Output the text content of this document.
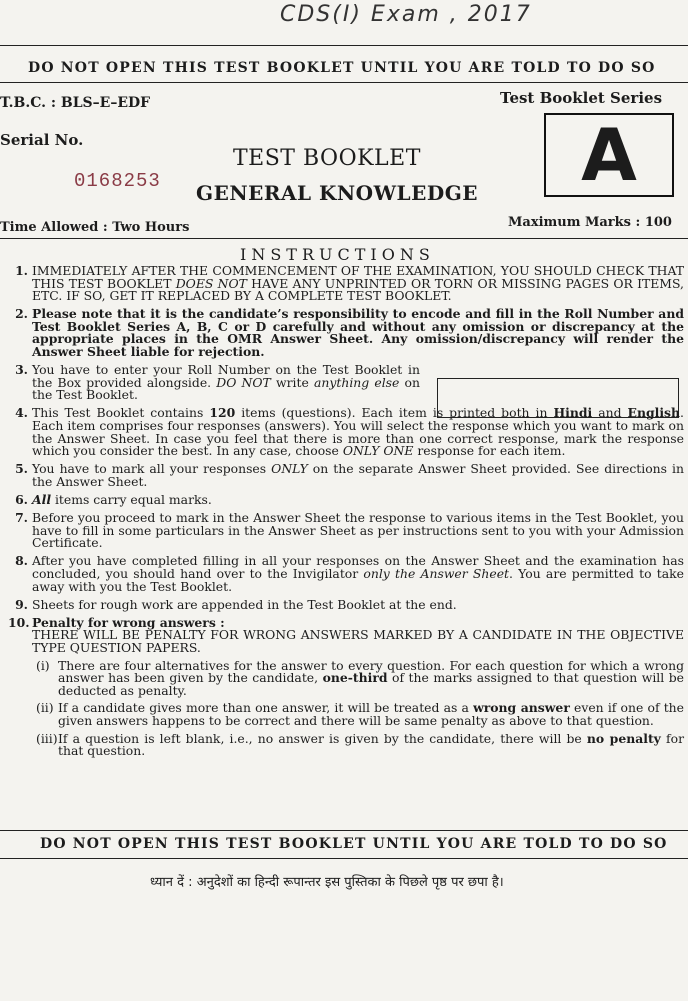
CDS(I) Exam , 2017
DO NOT OPEN THIS TEST BOOKLET UNTIL YOU ARE TOLD TO DO SO
T.B.C. : BLS–E–EDF	Test Booklet Series
Serial No.
0168253	A
TEST BOOKLET
GENERAL KNOWLEDGE
Time Allowed : Two Hours	Maximum Marks : 100
INSTRUCTIONS
1. IMMEDIATELY AFTER THE COMMENCEMENT OF THE EXAMINATION, YOU SHOULD CHECK THAT THIS TEST BOOKLET DOES NOT HAVE ANY UNPRINTED OR TORN OR MISSING PAGES OR ITEMS, ETC. IF SO, GET IT REPLACED BY A COMPLETE TEST BOOKLET.
2. Please note that it is the candidate’s responsibility to encode and fill in the Roll Number and Test Booklet Series A, B, C or D carefully and without any omission or discrepancy at the appropriate places in the OMR Answer Sheet. Any omission/discrepancy will render the Answer Sheet liable for rejection.
3. You have to enter your Roll Number on the Test Booklet in the Box provided alongside. DO NOT write anything else on the Test Booklet.
4. This Test Booklet contains 120 items (questions). Each item is printed both in Hindi and English. Each item comprises four responses (answers). You will select the response which you want to mark on the Answer Sheet. In case you feel that there is more than one correct response, mark the response which you consider the best. In any case, choose ONLY ONE response for each item.
5. You have to mark all your responses ONLY on the separate Answer Sheet provided. See directions in the Answer Sheet.
6. All items carry equal marks.
7. Before you proceed to mark in the Answer Sheet the response to various items in the Test Booklet, you have to fill in some particulars in the Answer Sheet as per instructions sent to you with your Admission Certificate.
8. After you have completed filling in all your responses on the Answer Sheet and the examination has concluded, you should hand over to the Invigilator only the Answer Sheet. You are permitted to take away with you the Test Booklet.
9. Sheets for rough work are appended in the Test Booklet at the end.
10. Penalty for wrong answers :
THERE WILL BE PENALTY FOR WRONG ANSWERS MARKED BY A CANDIDATE IN THE OBJECTIVE TYPE QUESTION PAPERS.
(i) There are four alternatives for the answer to every question. For each question for which a wrong answer has been given by the candidate, one-third of the marks assigned to that question will be deducted as penalty.
(ii) If a candidate gives more than one answer, it will be treated as a wrong answer even if one of the given answers happens to be correct and there will be same penalty as above to that question.
(iii) If a question is left blank, i.e., no answer is given by the candidate, there will be no penalty for that question.
DO NOT OPEN THIS TEST BOOKLET UNTIL YOU ARE TOLD TO DO SO
ध्यान दें : अनुदेशों का हिन्दी रूपान्तर इस पुस्तिका के पिछले पृष्ठ पर छपा है।
